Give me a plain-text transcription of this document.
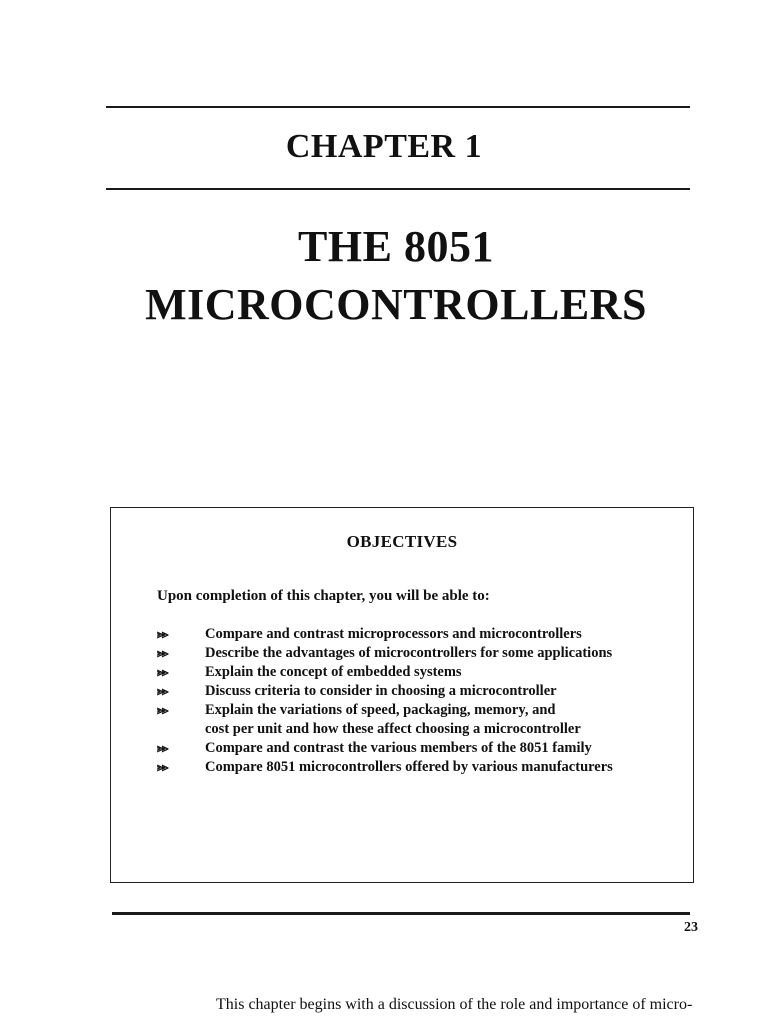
CHAPTER 1
THE 8051
MICROCONTROLLERS
OBJECTIVES
Upon completion of this chapter, you will be able to:
⪢⪢	Compare and contrast microprocessors and microcontrollers
⪢⪢	Describe the advantages of microcontrollers for some applications
⪢⪢	Explain the concept of embedded systems
⪢⪢	Discuss criteria to consider in choosing a microcontroller
⪢⪢	Explain the variations of speed, packaging, memory, and
cost per unit and how these affect choosing a microcontroller
⪢⪢	Compare and contrast the various members of the 8051 family
⪢⪢	Compare 8051 microcontrollers offered by various manufacturers
23
This chapter begins with a discussion of the role and importance of micro-
